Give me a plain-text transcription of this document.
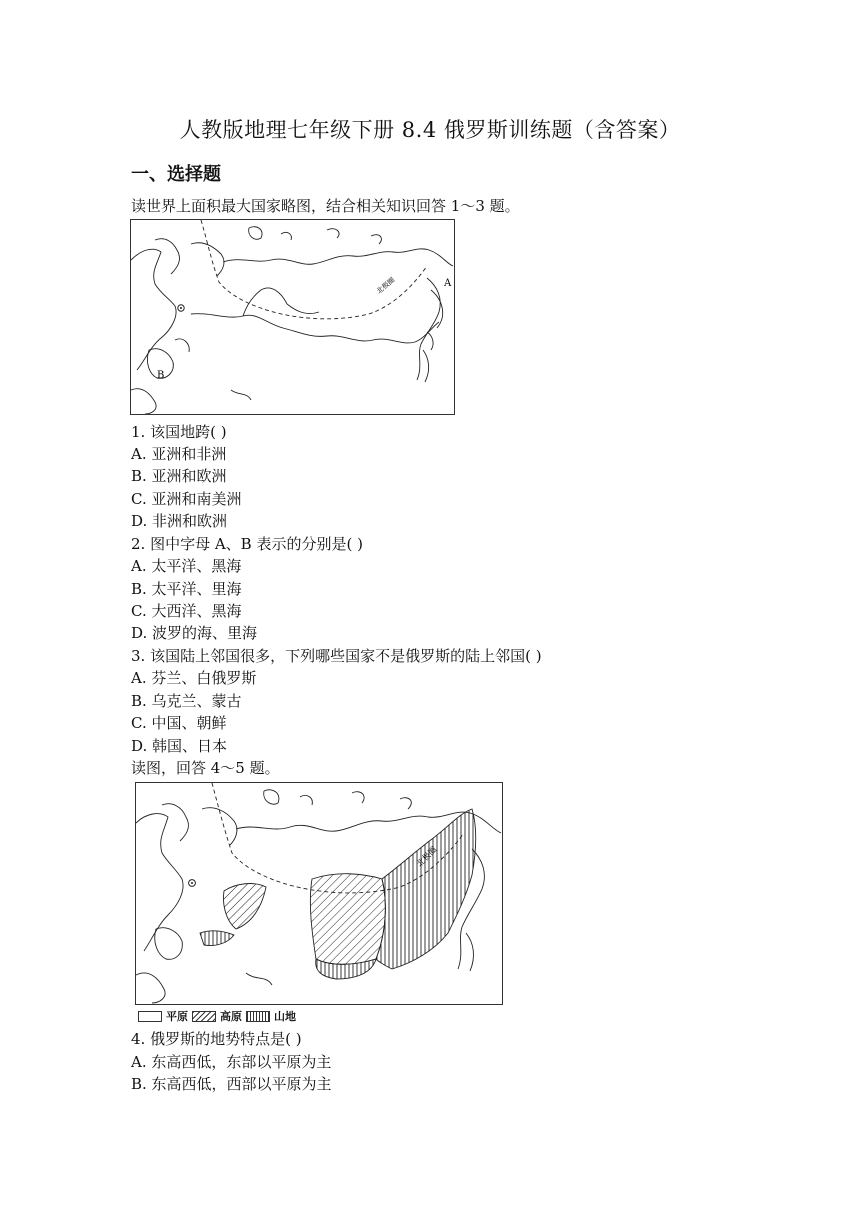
人教版地理七年级下册 8.4 俄罗斯训练题（含答案）
一、选择题
读世界上面积最大国家略图，结合相关知识回答 1～3 题。
北极圈	A
B
1. 该国地跨( )
A. 亚洲和非洲
B. 亚洲和欧洲
C. 亚洲和南美洲
D. 非洲和欧洲
2. 图中字母 A、B 表示的分别是( )
A. 太平洋、黑海
B. 太平洋、里海
C. 大西洋、黑海
D. 波罗的海、里海
3. 该国陆上邻国很多，下列哪些国家不是俄罗斯的陆上邻国( )
A. 芬兰、白俄罗斯
B. 乌克兰、蒙古
C. 中国、朝鲜
D. 韩国、日本
读图，回答 4～5 题。
北极圈
平原	高原	山地
4. 俄罗斯的地势特点是( )
A. 东高西低，东部以平原为主
B. 东高西低，西部以平原为主
